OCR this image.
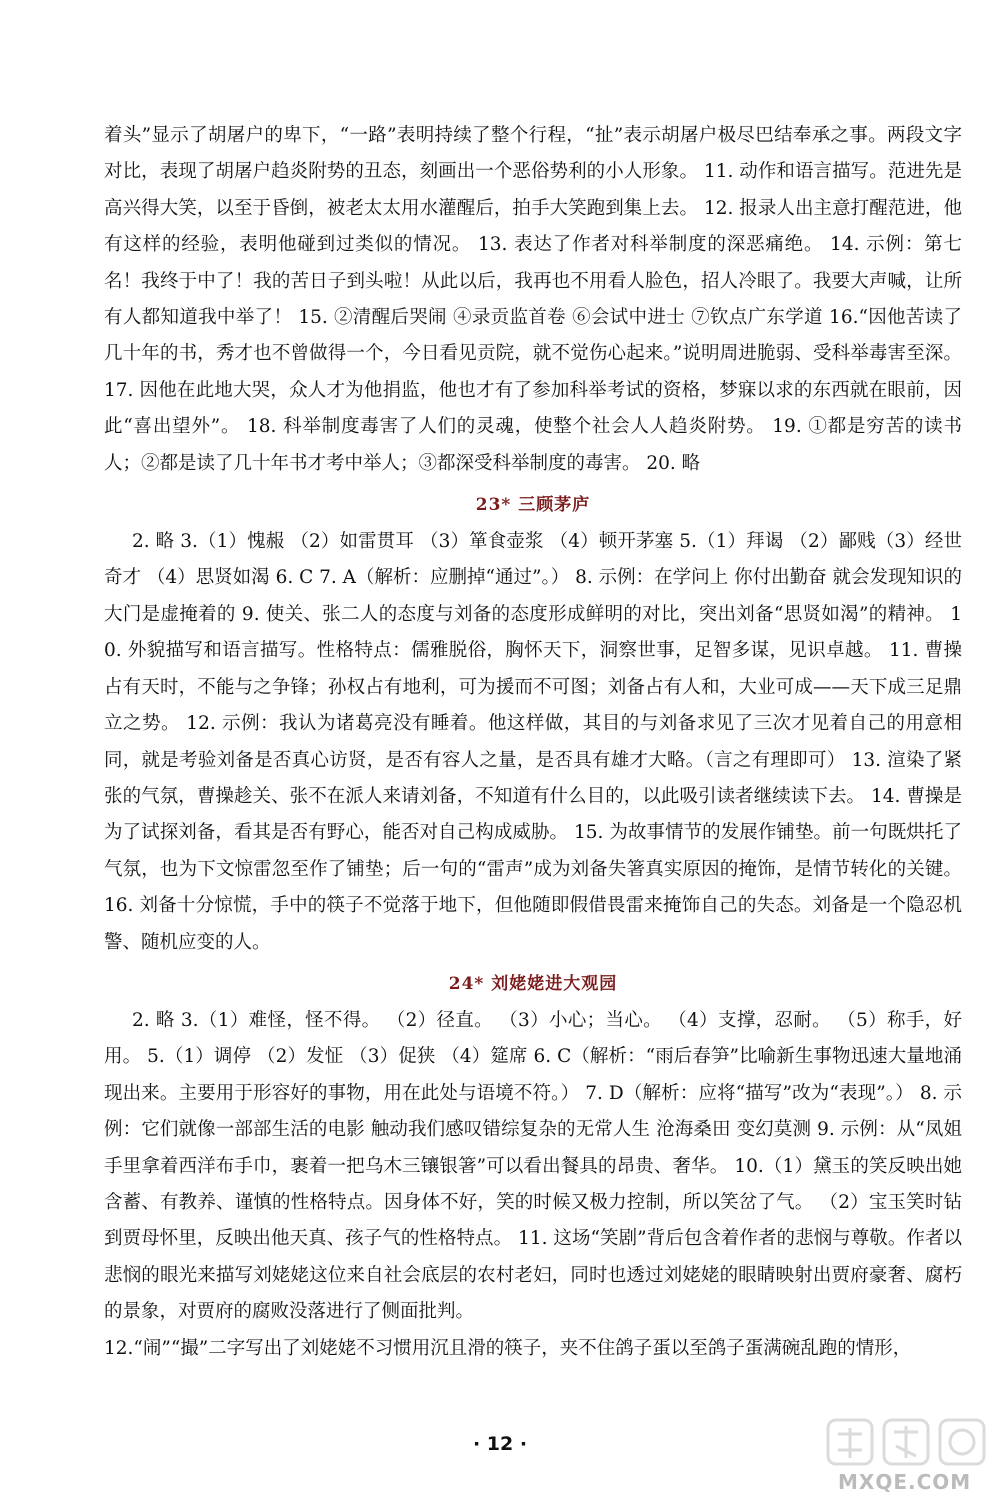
着头”显示了胡屠户的卑下，“一路”表明持续了整个行程，“扯”表示胡屠户极尽巴结奉承之事。两段文字对比，表现了胡屠户趋炎附势的丑态，刻画出一个恶俗势利的小人形象。 11. 动作和语言描写。范进先是高兴得大笑，以至于昏倒，被老太太用水灌醒后，拍手大笑跑到集上去。 12. 报录人出主意打醒范进，他有这样的经验，表明他碰到过类似的情况。 13. 表达了作者对科举制度的深恶痛绝。 14. 示例：第七名！我终于中了！我的苦日子到头啦！从此以后，我再也不用看人脸色，招人冷眼了。我要大声喊，让所有人都知道我中举了！ 15. ②清醒后哭闹 ④录贡监首卷 ⑥会试中进士 ⑦钦点广东学道 16.“因他苦读了几十年的书，秀才也不曾做得一个，今日看见贡院，就不觉伤心起来。”说明周进脆弱、受科举毒害至深。 17. 因他在此地大哭，众人才为他捐监，他也才有了参加科举考试的资格，梦寐以求的东西就在眼前，因此“喜出望外”。 18. 科举制度毒害了人们的灵魂，使整个社会人人趋炎附势。 19. ①都是穷苦的读书人；②都是读了几十年书才考中举人；③都深受科举制度的毒害。 20. 略

23* 三顾茅庐

2. 略 3.（1）愧赧 （2）如雷贯耳 （3）箪食壶浆 （4）顿开茅塞 5.（1）拜谒 （2）鄙贱（3）经世奇才 （4）思贤如渴 6. C 7. A（解析：应删掉“通过”。） 8. 示例：在学问上 你付出勤奋 就会发现知识的大门是虚掩着的 9. 使关、张二人的态度与刘备的态度形成鲜明的对比，突出刘备“思贤如渴”的精神。 10. 外貌描写和语言描写。性格特点：儒雅脱俗，胸怀天下，洞察世事，足智多谋，见识卓越。 11. 曹操占有天时，不能与之争锋；孙权占有地利，可为援而不可图；刘备占有人和，大业可成——天下成三足鼎立之势。 12. 示例：我认为诸葛亮没有睡着。他这样做，其目的与刘备求见了三次才见着自己的用意相同，就是考验刘备是否真心访贤，是否有容人之量，是否具有雄才大略。（言之有理即可） 13. 渲染了紧张的气氛，曹操趁关、张不在派人来请刘备，不知道有什么目的，以此吸引读者继续读下去。 14. 曹操是为了试探刘备，看其是否有野心，能否对自己构成威胁。 15. 为故事情节的发展作铺垫。前一句既烘托了气氛，也为下文惊雷忽至作了铺垫；后一句的“雷声”成为刘备失箸真实原因的掩饰，是情节转化的关键。 16. 刘备十分惊慌，手中的筷子不觉落于地下，但他随即假借畏雷来掩饰自己的失态。刘备是一个隐忍机警、随机应变的人。

24* 刘姥姥进大观园

2. 略 3.（1）难怪，怪不得。 （2）径直。 （3）小心；当心。 （4）支撑，忍耐。 （5）称手，好用。 5.（1）调停 （2）发怔 （3）促狭 （4）筵席 6. C（解析：“雨后春笋”比喻新生事物迅速大量地涌现出来。主要用于形容好的事物，用在此处与语境不符。） 7. D（解析：应将“描写”改为“表现”。） 8. 示例：它们就像一部部生活的电影 触动我们感叹错综复杂的无常人生 沧海桑田 变幻莫测 9. 示例：从“凤姐手里拿着西洋布手巾，裹着一把乌木三镶银箸”可以看出餐具的昂贵、奢华。 10.（1）黛玉的笑反映出她含蓄、有教养、谨慎的性格特点。因身体不好，笑的时候又极力控制，所以笑岔了气。 （2）宝玉笑时钻到贾母怀里，反映出他天真、孩子气的性格特点。 11. 这场“笑剧”背后包含着作者的悲悯与尊敬。作者以悲悯的眼光来描写刘姥姥这位来自社会底层的农村老妇，同时也透过刘姥姥的眼睛映射出贾府豪奢、腐朽的景象，对贾府的腐败没落进行了侧面批判。

12.“闹”“撮”二字写出了刘姥姥不习惯用沉且滑的筷子，夹不住鸽子蛋以至鸽子蛋满碗乱跑的情形，

· 12 ·
MXQE.COM
